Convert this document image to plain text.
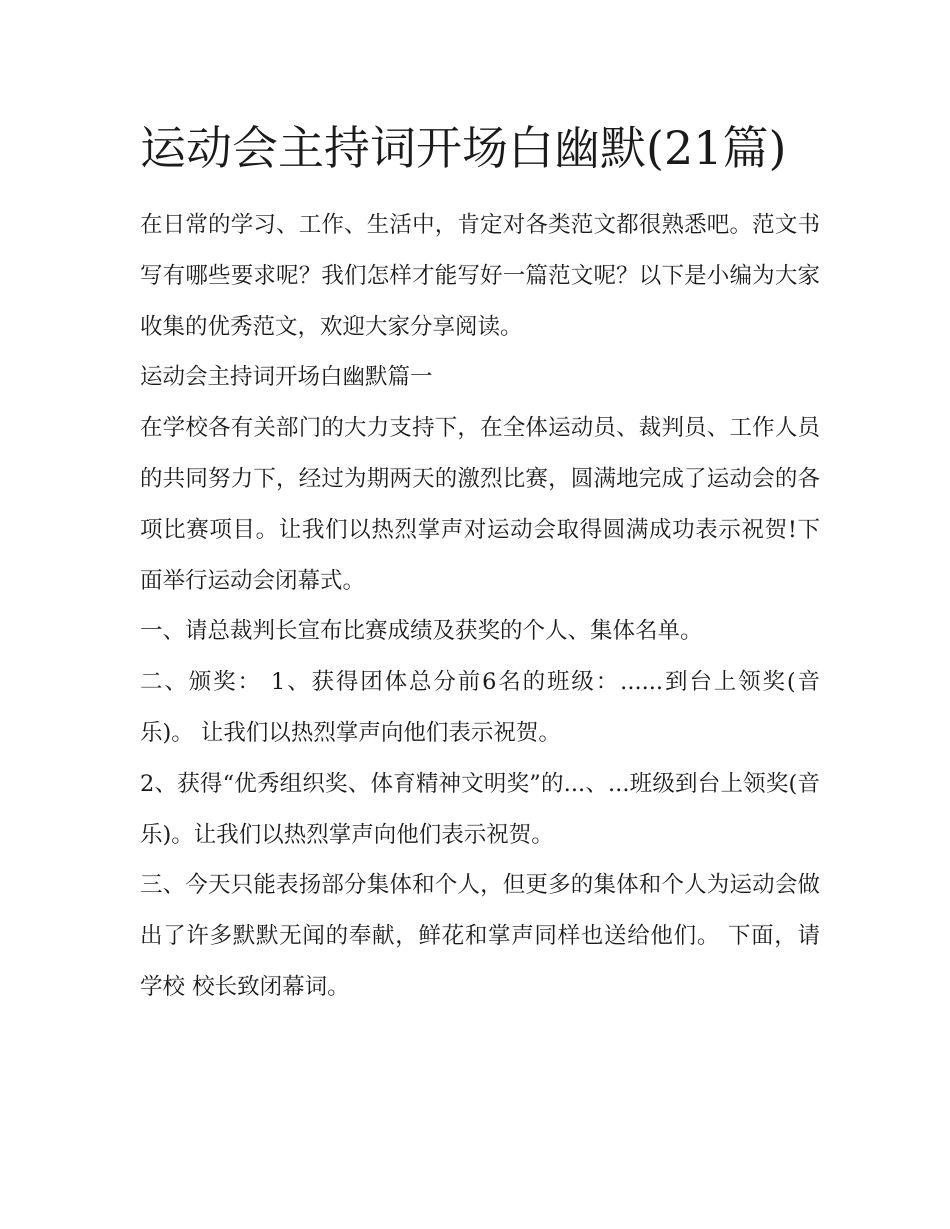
运动会主持词开场白幽默(21篇)

在日常的学习、工作、生活中，肯定对各类范文都很熟悉吧。范文书写有哪些要求呢？我们怎样才能写好一篇范文呢？以下是小编为大家收集的优秀范文，欢迎大家分享阅读。

运动会主持词开场白幽默篇一

在学校各有关部门的大力支持下，在全体运动员、裁判员、工作人员的共同努力下，经过为期两天的激烈比赛，圆满地完成了运动会的各项比赛项目。让我们以热烈掌声对运动会取得圆满成功表示祝贺!下面举行运动会闭幕式。

一、请总裁判长宣布比赛成绩及获奖的个人、集体名单。

二、颁奖： 1、获得团体总分前6名的班级：......到台上领奖(音乐)。 让我们以热烈掌声向他们表示祝贺。

2、获得“优秀组织奖、体育精神文明奖”的...、...班级到台上领奖(音乐)。让我们以热烈掌声向他们表示祝贺。

三、今天只能表扬部分集体和个人，但更多的集体和个人为运动会做出了许多默默无闻的奉献，鲜花和掌声同样也送给他们。 下面，请学校 校长致闭幕词。
